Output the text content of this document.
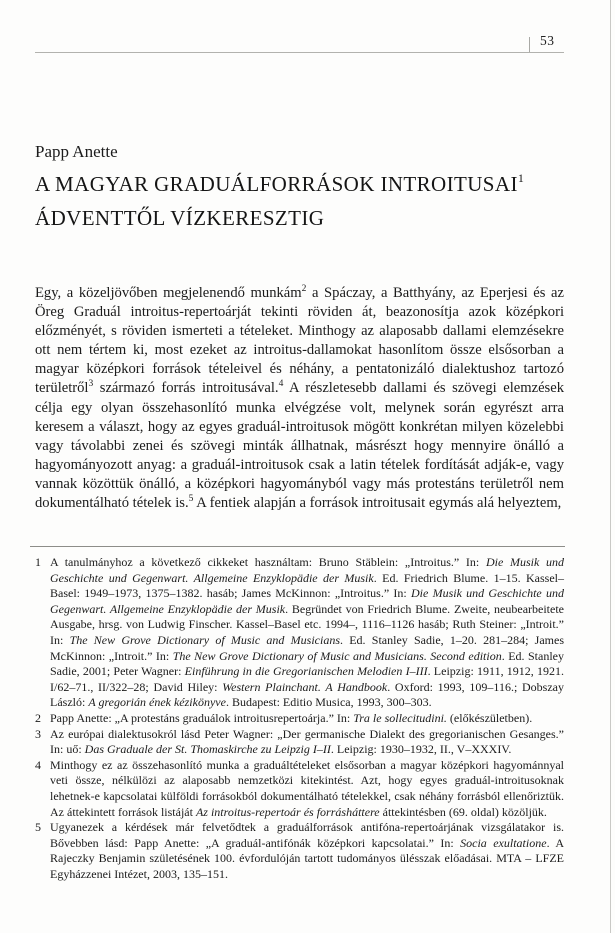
53
Papp Anette
A MAGYAR GRADUÁLFORRÁSOK INTROITUSAI$^1$
ÁDVENTTŐL VÍZKERESZTIG

Egy, a közeljövőben megjelenendő munkám$^2$ a Spáczay, a Batthyány, az Eperjesi és az Öreg Graduál introitus-repertoárját tekinti röviden át, beazonosítja azok középkori előzményét, s röviden ismerteti a tételeket. Minthogy az alaposabb dallami elemzésekre ott nem tértem ki, most ezeket az introitus-dallamokat hasonlítom össze elsősorban a magyar középkori források tételeivel és néhány, a pentatonizáló dialektushoz tartozó területről$^3$ származó forrás introitusával.$^4$ A részletesebb dallami és szövegi elemzések célja egy olyan összehasonlító munka elvégzése volt, melynek során egyrészt arra keresem a választ, hogy az egyes graduál-introitusok mögött konkrétan milyen közelebbi vagy távolabbi zenei és szövegi minták állhatnak, másrészt hogy mennyire önálló a hagyományozott anyag: a graduál-introitusok csak a latin tételek fordítását adják-e, vagy vannak közöttük önálló, a középkori hagyományból vagy más protestáns területről nem dokumentálható tételek is.$^5$ A fentiek alapján a források introitusait egymás alá helyeztem,

1 A tanulmányhoz a következő cikkeket használtam: Bruno Stäblein: „Introitus.” In: Die Musik und Geschichte und Gegenwart. Allgemeine Enzyklopädie der Musik. Ed. Friedrich Blume. 1–15. Kassel–Basel: 1949–1973, 1375–1382. hasáb; James McKinnon: „Introitus.” In: Die Musik und Geschichte und Gegenwart. Allgemeine Enzyklopädie der Musik. Begründet von Friedrich Blume. Zweite, neubearbeitete Ausgabe, hrsg. von Ludwig Finscher. Kassel–Basel etc. 1994–, 1116–1126 hasáb; Ruth Steiner: „Introit.” In: The New Grove Dictionary of Music and Musicians. Ed. Stanley Sadie, 1–20. 281–284; James McKinnon: „Introit.” In: The New Grove Dictionary of Music and Musicians. Second edition. Ed. Stanley Sadie, 2001; Peter Wagner: Einführung in die Gregorianischen Melodien I–III. Leipzig: 1911, 1912, 1921. I/62–71., II/322–28; David Hiley: Western Plainchant. A Handbook. Oxford: 1993, 109–116.; Dobszay László: A gregorián ének kézikönyve. Budapest: Editio Musica, 1993, 300–303.
2 Papp Anette: „A protestáns graduálok introitusrepertoárja.” In: Tra le sollecitudini. (előkészületben).
3 Az európai dialektusokról lásd Peter Wagner: „Der germanische Dialekt des gregorianischen Gesanges.” In: uő: Das Graduale der St. Thomaskirche zu Leipzig I–II. Leipzig: 1930–1932, II., V–XXXIV.
4 Minthogy ez az összehasonlító munka a graduáltételeket elsősorban a magyar középkori hagyománnyal veti össze, nélkülözi az alaposabb nemzetközi kitekintést. Azt, hogy egyes graduál-introitusoknak lehetnek-e kapcsolatai külföldi forrásokból dokumentálható tételekkel, csak néhány forrásból ellenőriztük. Az áttekintett források listáját Az introitus-repertoár és forrásháttere áttekintésben (69. oldal) közöljük.
5 Ugyanezek a kérdések már felvetődtek a graduálforrások antifóna-repertoárjának vizsgálatakor is. Bővebben lásd: Papp Anette: „A graduál-antifónák középkori kapcsolatai.” In: Socia exultatione. A Rajeczky Benjamin születésének 100. évfordulóján tartott tudományos ülésszak előadásai. MTA – LFZE Egyházzenei Intézet, 2003, 135–151.
